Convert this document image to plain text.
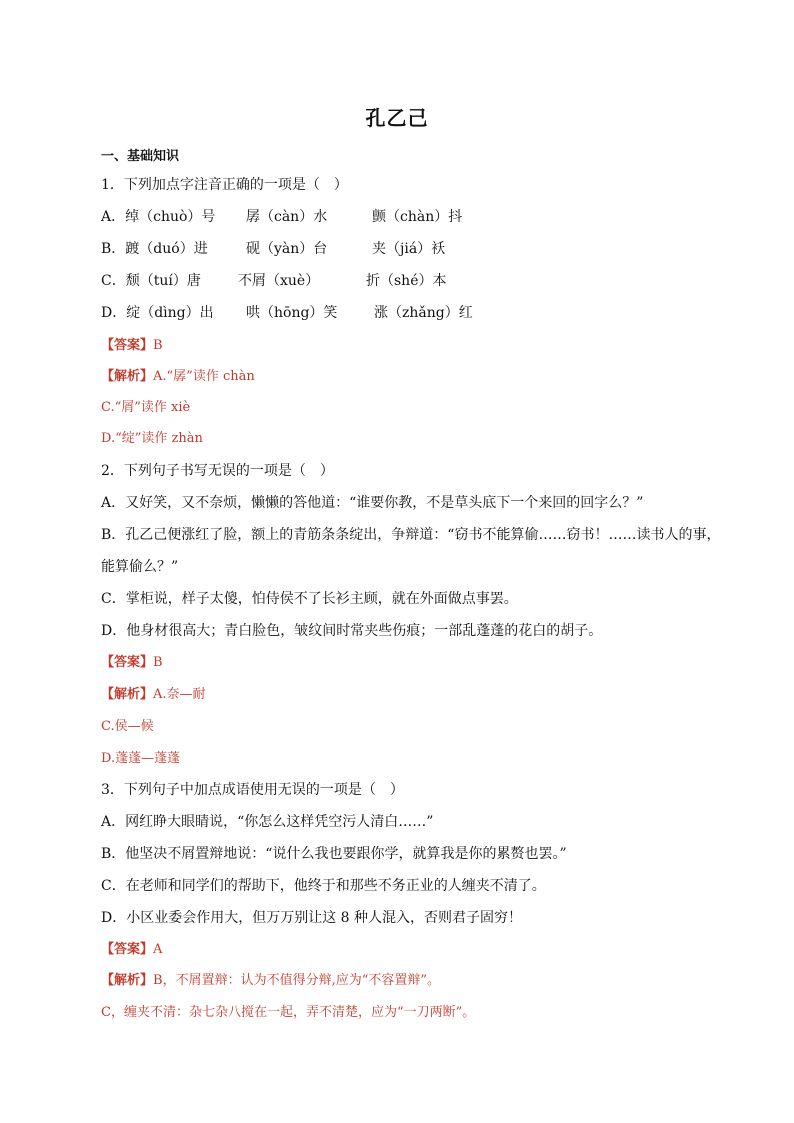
孔乙己
一、基础知识
1．下列加点字注音正确的一项是（　）
A．绰（chuò）号 孱（càn）水	颤（chàn）抖
B．踱（duó）进	砚（yàn）台	夹（jiá）袄
C．颓（tuí）唐	不屑（xuè）	折（shé）本
D．绽（dìng）出 哄（hōng）笑	涨（zhǎng）红
【答案】B
【解析】A.“孱”读作 chàn
C.“屑”读作 xiè
D.“绽”读作 zhàn
2．下列句子书写无误的一项是（　）
A．又好笑，又不奈烦，懒懒的答他道：“谁要你教，不是草头底下一个来回的回字么？”
B．孔乙己便涨红了脸，额上的青筋条条绽出，争辩道：“窃书不能算偷……窃书！……读书人的事，能算偷么？”
C．掌柜说，样子太傻，怕侍侯不了长衫主顾，就在外面做点事罢。
D．他身材很高大；青白脸色，皱纹间时常夹些伤痕；一部乱蓬蓬的花白的胡子。
【答案】B
【解析】A.奈—耐
C.侯—候
D.蓬蓬—蓬蓬
3．下列句子中加点成语使用无误的一项是（　）
A．网红睁大眼睛说，“你怎么这样凭空污人清白……”
B．他坚决不屑置辩地说：“说什么我也要跟你学，就算我是你的累赘也罢。”
C．在老师和同学们的帮助下，他终于和那些不务正业的人缠夹不清了。
D．小区业委会作用大，但万万别让这 8 种人混入，否则君子固穷！
【答案】A
【解析】B，不屑置辩：认为不值得分辩,应为“不容置辩”。
C，缠夹不清：杂七杂八搅在一起，弄不清楚，应为“一刀两断”。
